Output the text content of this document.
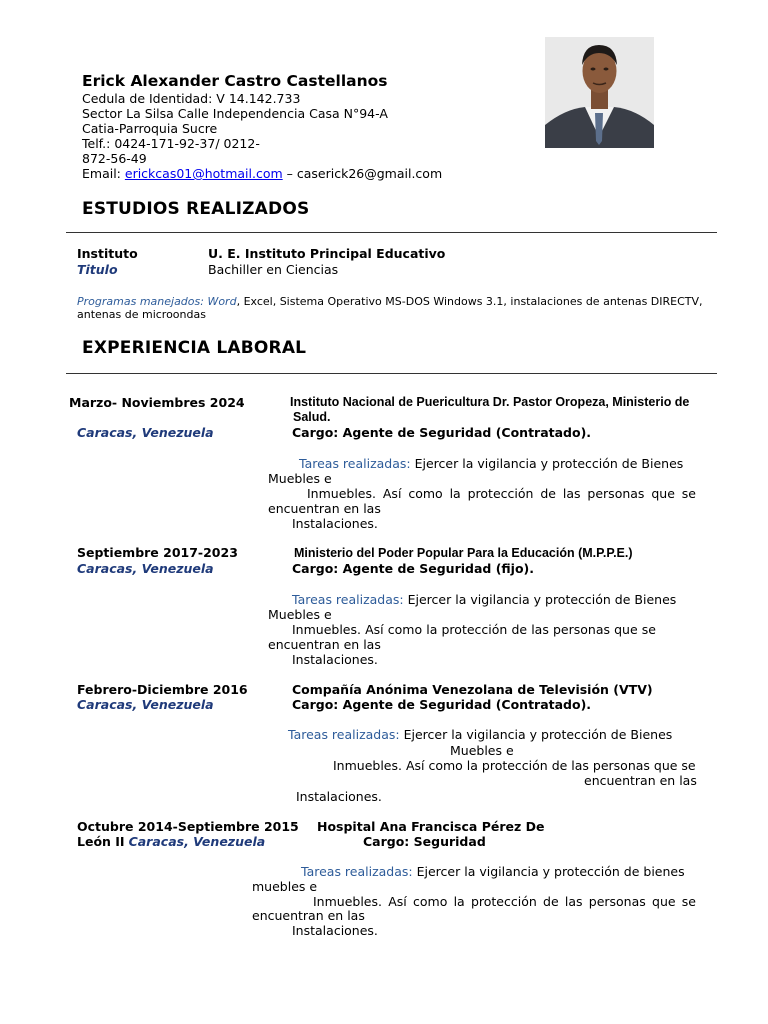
Erick Alexander Castro Castellanos
Cedula de Identidad: V 14.142.733
Sector La Silsa Calle Independencia Casa N°94-A
Catia-Parroquia Sucre
Telf.: 0424-171-92-37/ 0212-
872-56-49
Email: erickcas01@hotmail.com – caserick26@gmail.com
ESTUDIOS REALIZADOS
Instituto	U. E. Instituto Principal Educativo
Titulo	Bachiller en Ciencias
Programas manejados: Word, Excel, Sistema Operativo MS-DOS Windows 3.1, instalaciones de antenas DIRECTV,
antenas de microondas
EXPERIENCIA LABORAL
Marzo- Noviembres 2024	Instituto Nacional de Puericultura Dr. Pastor Oropeza, Ministerio de
Salud.
Caracas, Venezuela	Cargo: Agente de Seguridad (Contratado).
Tareas realizadas: Ejercer la vigilancia y protección de Bienes
Muebles e
Inmuebles. Así como la protección de las personas que se
encuentran en las
Instalaciones.
Septiembre 2017-2023	Ministerio del Poder Popular Para la Educación (M.P.P.E.)
Caracas, Venezuela	Cargo: Agente de Seguridad (fijo).
Tareas realizadas: Ejercer la vigilancia y protección de Bienes
Muebles e
Inmuebles. Así como la protección de las personas que se
encuentran en las
Instalaciones.
Febrero-Diciembre 2016	Compañía Anónima Venezolana de Televisión (VTV)
Caracas, Venezuela	Cargo: Agente de Seguridad (Contratado).
Tareas realizadas: Ejercer la vigilancia y protección de Bienes
Muebles e
Inmuebles. Así como la protección de las personas que se
encuentran en las
Instalaciones.
Octubre 2014-Septiembre 2015 Hospital Ana Francisca Pérez De
León II Caracas, Venezuela	Cargo: Seguridad
Tareas realizadas: Ejercer la vigilancia y protección de bienes
muebles e
Inmuebles. Así como la protección de las personas que se
encuentran en las
Instalaciones.
